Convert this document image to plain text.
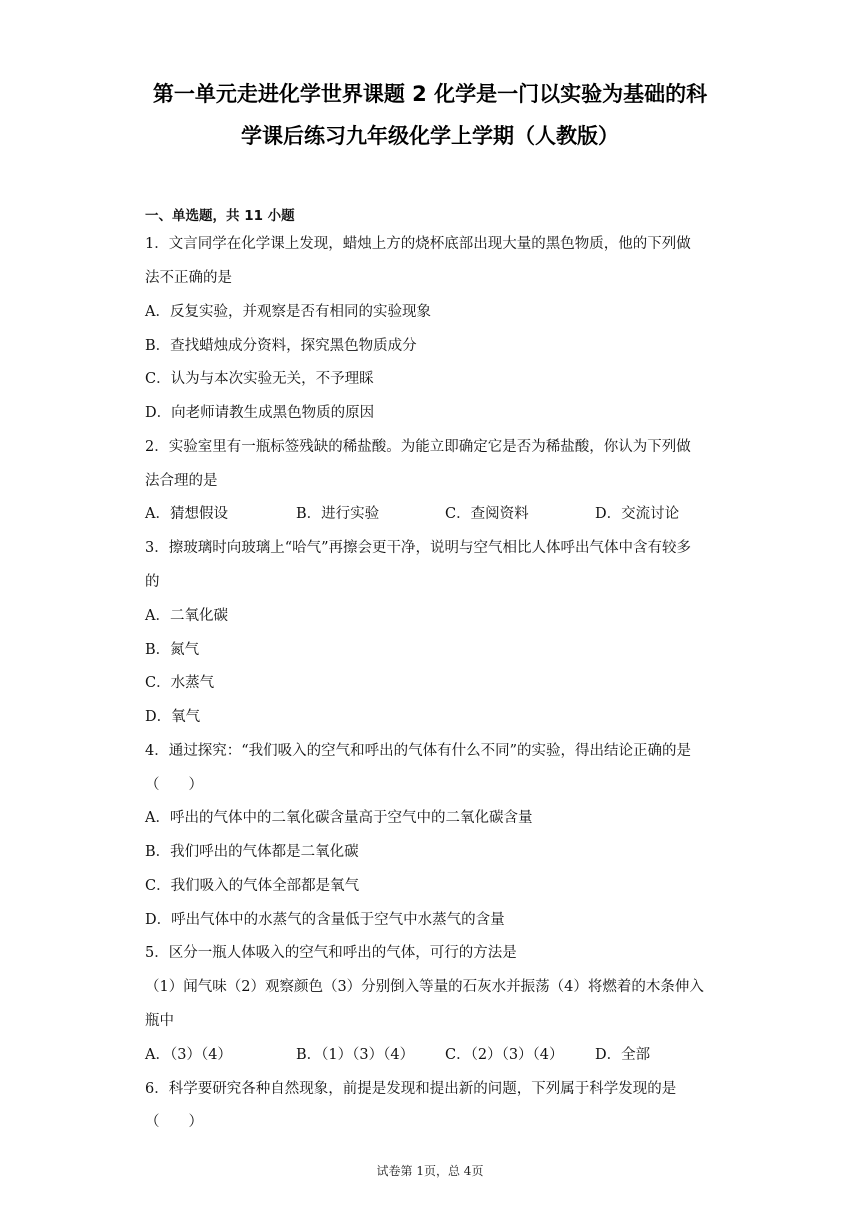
第一单元走进化学世界课题 2 化学是一门以实验为基础的科
学课后练习九年级化学上学期（人教版）
一、单选题，共 11 小题
1．文言同学在化学课上发现，蜡烛上方的烧杯底部出现大量的黑色物质，他的下列做
法不正确的是
A．反复实验，并观察是否有相同的实验现象
B．查找蜡烛成分资料，探究黑色物质成分
C．认为与本次实验无关，不予理睬
D．向老师请教生成黑色物质的原因
2．实验室里有一瓶标签残缺的稀盐酸。为能立即确定它是否为稀盐酸，你认为下列做
法合理的是
A．猜想假设	B．进行实验	C．查阅资料	D．交流讨论
3．擦玻璃时向玻璃上“哈气”再擦会更干净，说明与空气相比人体呼出气体中含有较多
的
A．二氧化碳
B．氮气
C．水蒸气
D．氧气
4．通过探究：“我们吸入的空气和呼出的气体有什么不同”的实验，得出结论正确的是
（　　）
A．呼出的气体中的二氧化碳含量高于空气中的二氧化碳含量
B．我们呼出的气体都是二氧化碳
C．我们吸入的气体全部都是氧气
D．呼出气体中的水蒸气的含量低于空气中水蒸气的含量
5．区分一瓶人体吸入的空气和呼出的气体，可行的方法是
（1）闻气味（2）观察颜色（3）分别倒入等量的石灰水并振荡（4）将燃着的木条伸入
瓶中
A．（3）（4）	B．（1）（3）（4） C．（2）（3）（4） D．全部
6．科学要研究各种自然现象，前提是发现和提出新的问题，下列属于科学发现的是
（　　）
试卷第 1页，总 4页
